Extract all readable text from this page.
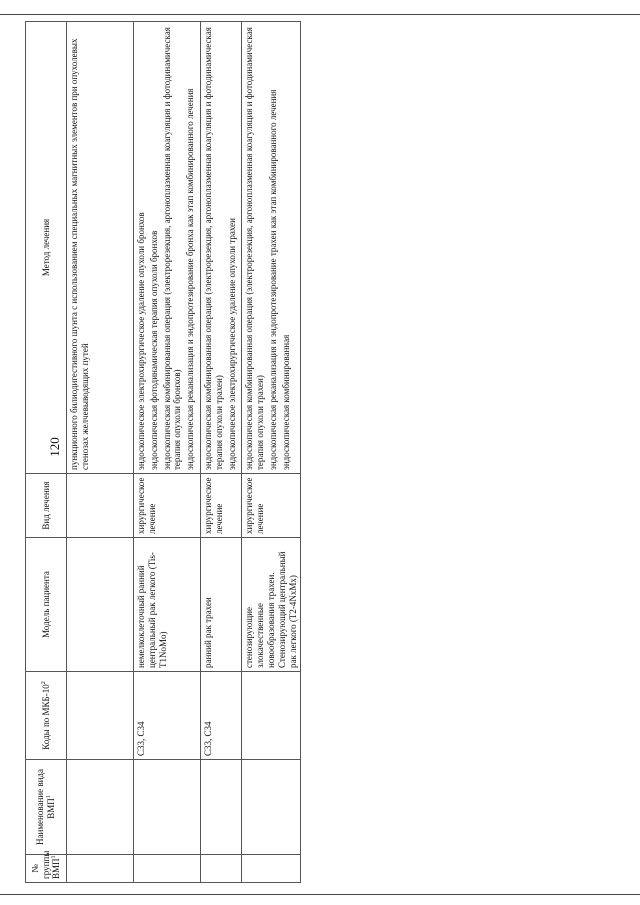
120
№ группы ВМП$^1$	Наименование вида ВМП$^1$	Коды по МКБ-$10^2$	Модель пациента	Вид лечения	Метод лечения

					пункционного билиодигестивного шунта с использованием специальных магнитных элементов при опухолевых стенозах желчевыводящих путей

		С33, С34	немелкоклеточный ранний центральный рак легкого (Tis-T1NoMo)	хирургическое лечение	эндоскопическое электрохирургическое удаление опухоли бронхов эндоскопическая фотодинамическая терапия опухоли бронхов эндоскопическая комбинированная операция (электрорезекция, аргоноплазменная коагуляция и фотодинамическая терапия опухоли бронхов) эндоскопическая реканализация и эндопротезирование бронха как этап комбинированного лечения

		С33, С34	ранний рак трахеи	хирургическое лечение	эндоскопическая комбинированная операция (электрорезекция, аргоноплазменная коагуляция и фотодинамическая терапия опухоли трахеи) эндоскопическое электрохирургическое удаление опухоли трахеи

			стенозирующие злокачественные новообразования трахеи. Стенозирующий центральный рак легкого (T2-4NxMx)	хирургическое лечение	эндоскопическая комбинированная операция (электрорезекция, аргоноплазменная коагуляция и фотодинамическая терапия опухоли трахеи) эндоскопическая реканализация и эндопротезирование трахеи как этап комбинированного лечения эндоскопическая комбинированная
